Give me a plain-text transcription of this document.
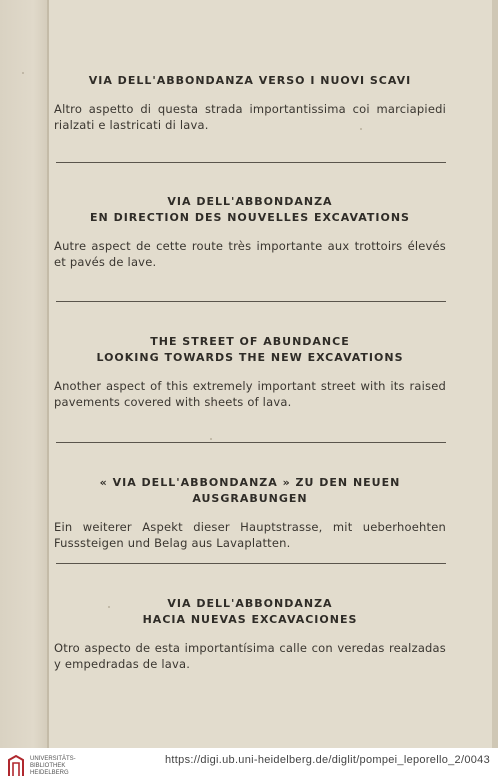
VIA DELL'ABBONDANZA VERSO I NUOVI SCAVI

Altro aspetto di questa strada importantissima coi marciapiedi rialzati e lastricati di lava.

VIA DELL'ABBONDANZA
EN DIRECTION DES NOUVELLES EXCAVATIONS

Autre aspect de cette route très importante aux trottoirs élevés et pavés de lave.

THE STREET OF ABUNDANCE
LOOKING TOWARDS THE NEW EXCAVATIONS

Another aspect of this extremely important street with its raised pavements covered with sheets of lava.

« VIA DELL'ABBONDANZA » ZU DEN NEUEN AUSGRABUNGEN

Ein weiterer Aspekt dieser Hauptstrasse, mit ueberhoehten Fusssteigen und Belag aus Lavaplatten.

VIA DELL'ABBONDANZA
HACIA NUEVAS EXCAVACIONES

Otro aspecto de esta importantísima calle con veredas realzadas y empedradas de lava.

UNIVERSITÄTS-
BIBLIOTHEK
HEIDELBERG
https://digi.ub.uni-heidelberg.de/diglit/pompei_leporello_2/0043
